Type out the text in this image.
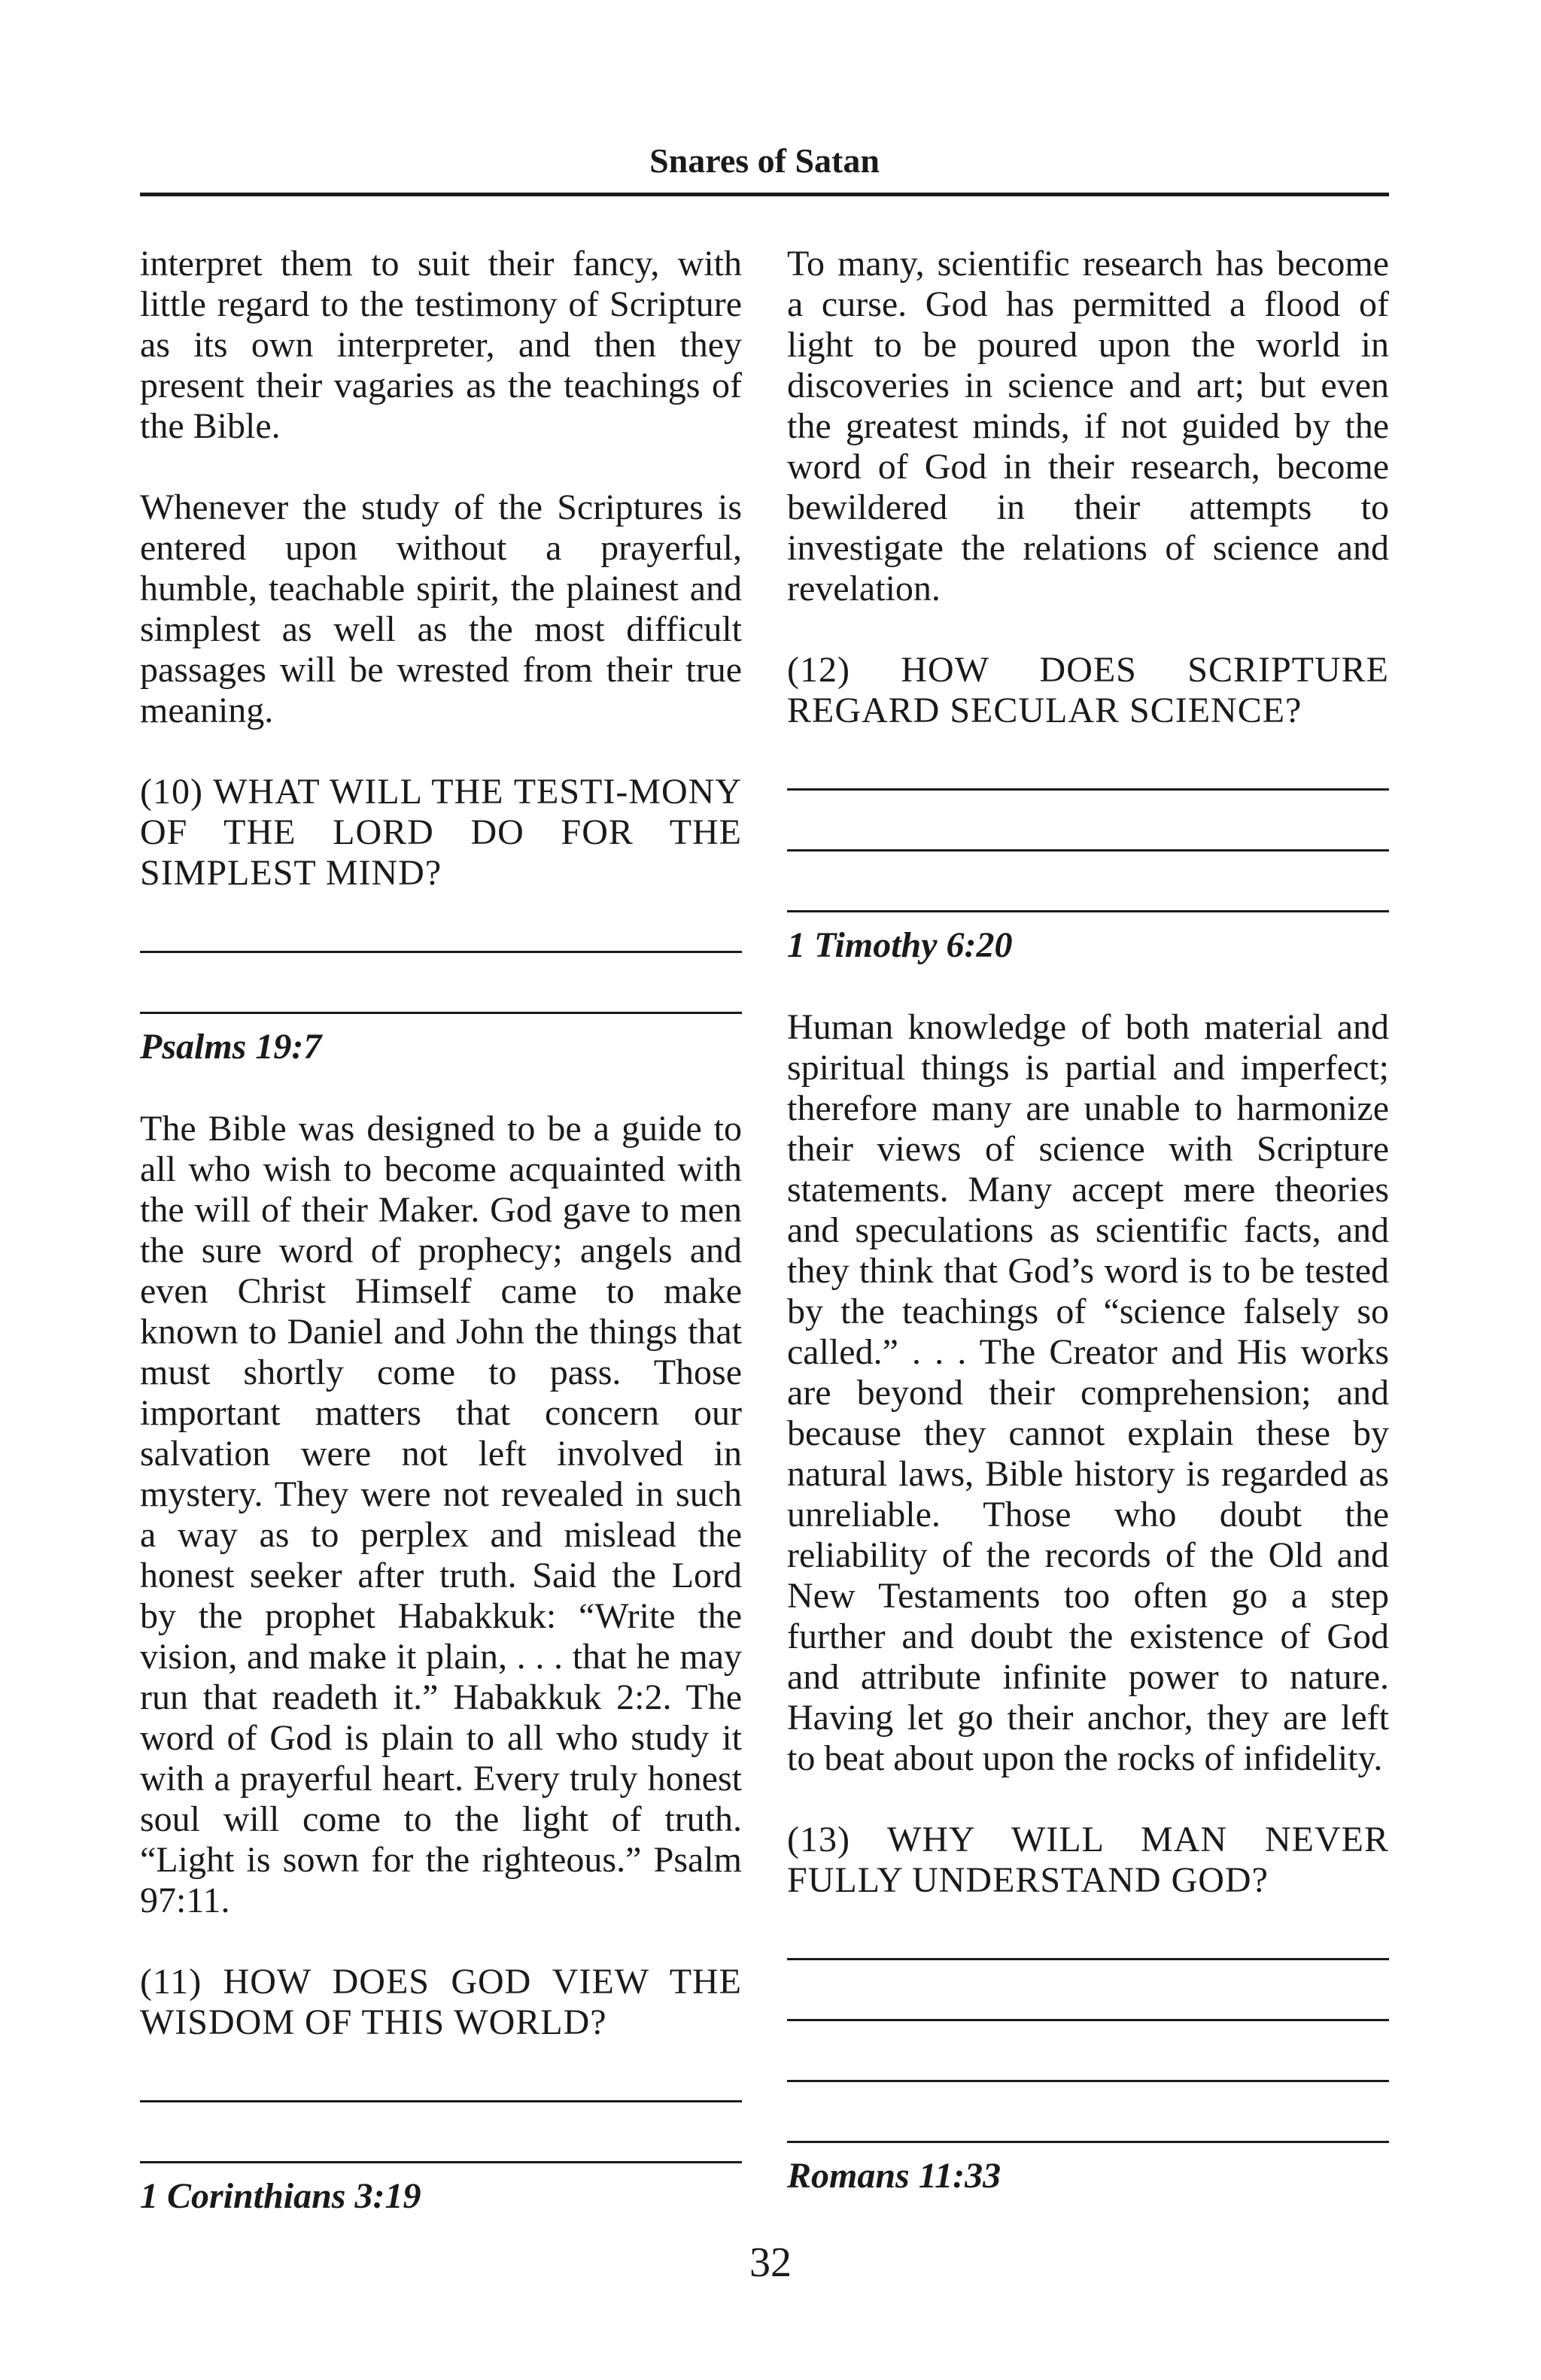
Snares of Satan

interpret them to suit their fancy, with little regard to the testimony of Scripture as its own interpreter, and then they present their vagaries as the teachings of the Bible.

Whenever the study of the Scriptures is entered upon without a prayerful, humble, teachable spirit, the plainest and simplest as well as the most difficult passages will be wrested from their true meaning.

(10) WHAT WILL THE TESTI-MONY OF THE LORD DO FOR THE SIMPLEST MIND?

Psalms 19:7

The Bible was designed to be a guide to all who wish to become acquainted with the will of their Maker. God gave to men the sure word of prophecy; angels and even Christ Himself came to make known to Daniel and John the things that must shortly come to pass. Those important matters that concern our salvation were not left involved in mystery. They were not revealed in such a way as to perplex and mislead the honest seeker after truth. Said the Lord by the prophet Habakkuk: “Write the vision, and make it plain, . . . that he may run that readeth it.” Habakkuk 2:2. The word of God is plain to all who study it with a prayerful heart. Every truly honest soul will come to the light of truth. “Light is sown for the righteous.” Psalm 97:11.

(11) HOW DOES GOD VIEW THE WISDOM OF THIS WORLD?

1 Corinthians 3:19

To many, scientific research has become a curse. God has permitted a flood of light to be poured upon the world in discoveries in science and art; but even the greatest minds, if not guided by the word of God in their research, become bewildered in their attempts to investigate the relations of science and revelation.

(12) HOW DOES SCRIPTURE REGARD SECULAR SCIENCE?

1 Timothy 6:20

Human knowledge of both material and spiritual things is partial and imperfect; therefore many are unable to harmonize their views of science with Scripture statements. Many accept mere theories and speculations as scientific facts, and they think that God’s word is to be tested by the teachings of “science falsely so called.” . . . The Creator and His works are beyond their comprehension; and because they cannot explain these by natural laws, Bible history is regarded as unreliable. Those who doubt the reliability of the records of the Old and New Testaments too often go a step further and doubt the existence of God and attribute infinite power to nature. Having let go their anchor, they are left to beat about upon the rocks of infidelity.

(13) WHY WILL MAN NEVER FULLY UNDERSTAND GOD?

Romans 11:33

32
